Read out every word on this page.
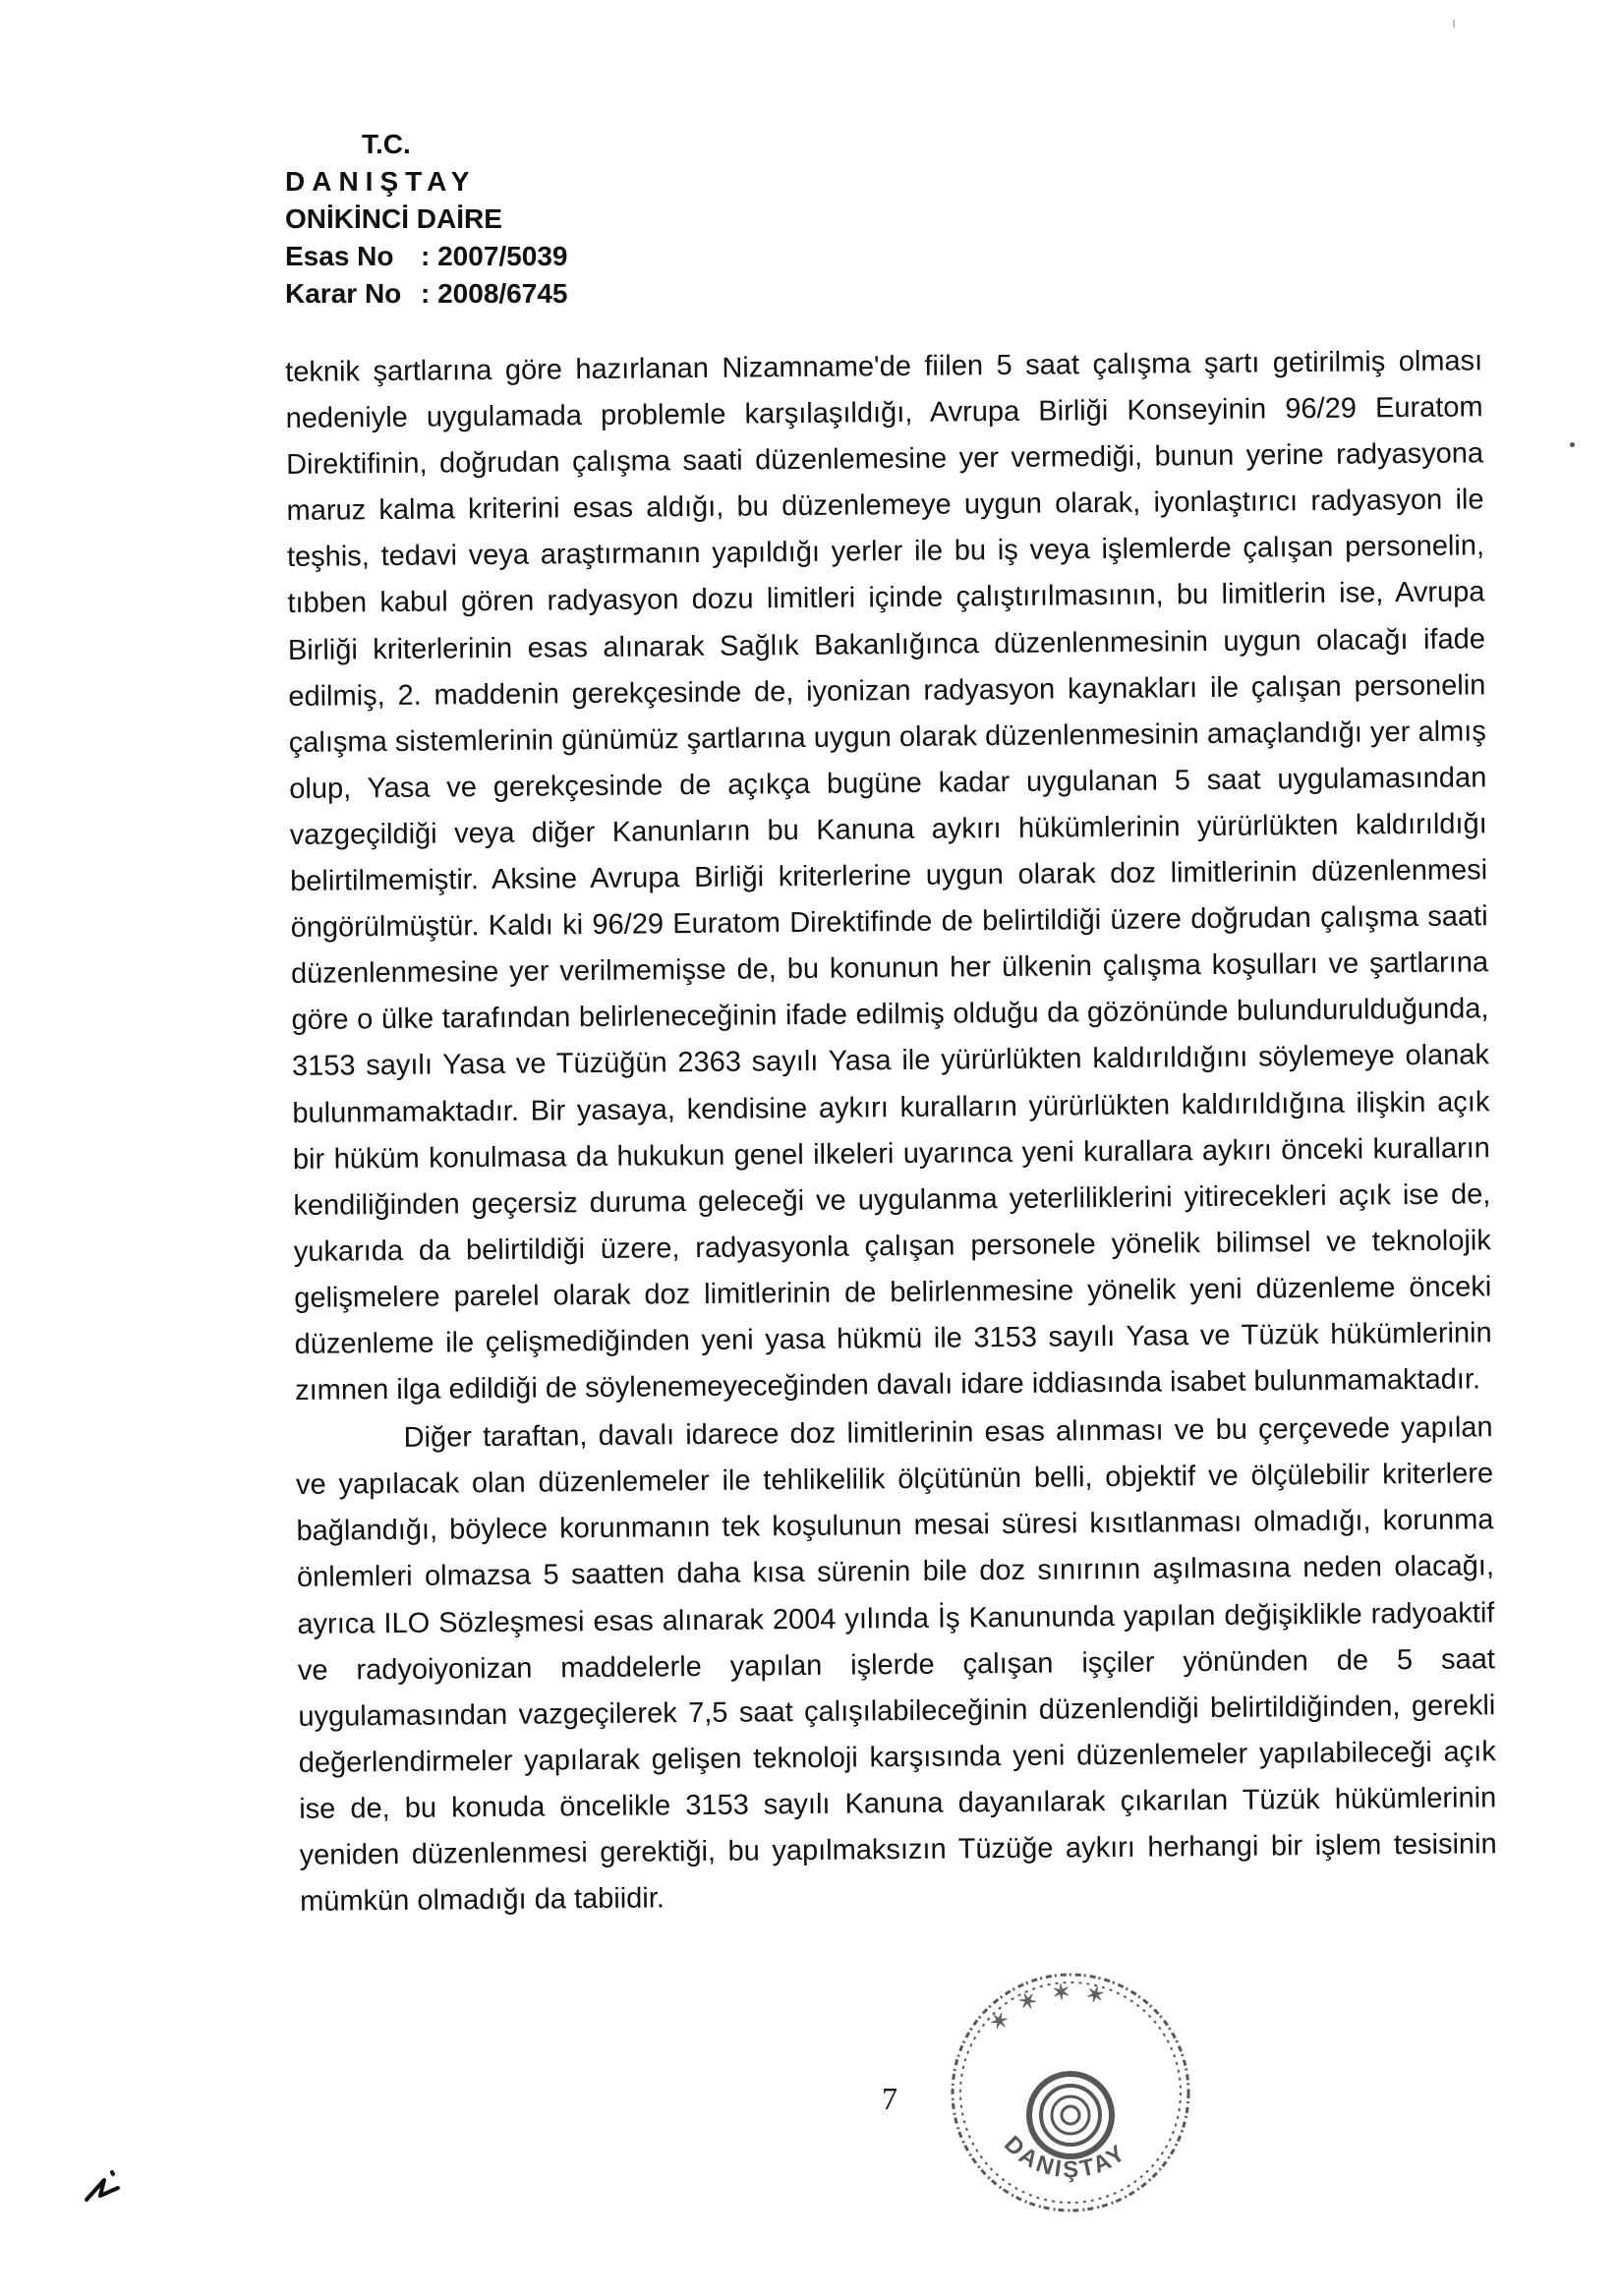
T.C.
DANIŞTAY
ONİKİNCİ DAİRE
Esas No : 2007/5039
Karar No : 2008/6745

teknik şartlarına göre hazırlanan Nizamname'de fiilen 5 saat çalışma şartı getirilmiş olması nedeniyle uygulamada problemle karşılaşıldığı, Avrupa Birliği Konseyinin 96/29 Euratom Direktifinin, doğrudan çalışma saati düzenlemesine yer vermediği, bunun yerine radyasyona maruz kalma kriterini esas aldığı, bu düzenlemeye uygun olarak, iyonlaştırıcı radyasyon ile teşhis, tedavi veya araştırmanın yapıldığı yerler ile bu iş veya işlemlerde çalışan personelin, tıbben kabul gören radyasyon dozu limitleri içinde çalıştırılmasının, bu limitlerin ise, Avrupa Birliği kriterlerinin esas alınarak Sağlık Bakanlığınca düzenlenmesinin uygun olacağı ifade edilmiş, 2. maddenin gerekçesinde de, iyonizan radyasyon kaynakları ile çalışan personelin çalışma sistemlerinin günümüz şartlarına uygun olarak düzenlenmesinin amaçlandığı yer almış olup, Yasa ve gerekçesinde de açıkça bugüne kadar uygulanan 5 saat uygulamasından vazgeçildiği veya diğer Kanunların bu Kanuna aykırı hükümlerinin yürürlükten kaldırıldığı belirtilmemiştir. Aksine Avrupa Birliği kriterlerine uygun olarak doz limitlerinin düzenlenmesi öngörülmüştür. Kaldı ki 96/29 Euratom Direktifinde de belirtildiği üzere doğrudan çalışma saati düzenlenmesine yer verilmemişse de, bu konunun her ülkenin çalışma koşulları ve şartlarına göre o ülke tarafından belirleneceğinin ifade edilmiş olduğu da gözönünde bulundurulduğunda, 3153 sayılı Yasa ve Tüzüğün 2363 sayılı Yasa ile yürürlükten kaldırıldığını söylemeye olanak bulunmamaktadır. Bir yasaya, kendisine aykırı kuralların yürürlükten kaldırıldığına ilişkin açık bir hüküm konulmasa da hukukun genel ilkeleri uyarınca yeni kurallara aykırı önceki kuralların kendiliğinden geçersiz duruma geleceği ve uygulanma yeterliliklerini yitirecekleri açık ise de, yukarıda da belirtildiği üzere, radyasyonla çalışan personele yönelik bilimsel ve teknolojik gelişmelere parelel olarak doz limitlerinin de belirlenmesine yönelik yeni düzenleme önceki düzenleme ile çelişmediğinden yeni yasa hükmü ile 3153 sayılı Yasa ve Tüzük hükümlerinin zımnen ilga edildiği de söylenemeyeceğinden davalı idare iddiasında isabet bulunmamaktadır.

Diğer taraftan, davalı idarece doz limitlerinin esas alınması ve bu çerçevede yapılan ve yapılacak olan düzenlemeler ile tehlikelilik ölçütünün belli, objektif ve ölçülebilir kriterlere bağlandığı, böylece korunmanın tek koşulunun mesai süresi kısıtlanması olmadığı, korunma önlemleri olmazsa 5 saatten daha kısa sürenin bile doz sınırının aşılmasına neden olacağı, ayrıca ILO Sözleşmesi esas alınarak 2004 yılında İş Kanununda yapılan değişiklikle radyoaktif ve radyoiyonizan maddelerle yapılan işlerde çalışan işçiler yönünden de 5 saat uygulamasından vazgeçilerek 7,5 saat çalışılabileceğinin düzenlendiği belirtildiğinden, gerekli değerlendirmeler yapılarak gelişen teknoloji karşısında yeni düzenlemeler yapılabileceği açık ise de, bu konuda öncelikle 3153 sayılı Kanuna dayanılarak çıkarılan Tüzük hükümlerinin yeniden düzenlenmesi gerektiği, bu yapılmaksızın Tüzüğe aykırı herhangi bir işlem tesisinin mümkün olmadığı da tabiidir.

7
✶ ✶ ✶ ✶
DANIŞTAY
